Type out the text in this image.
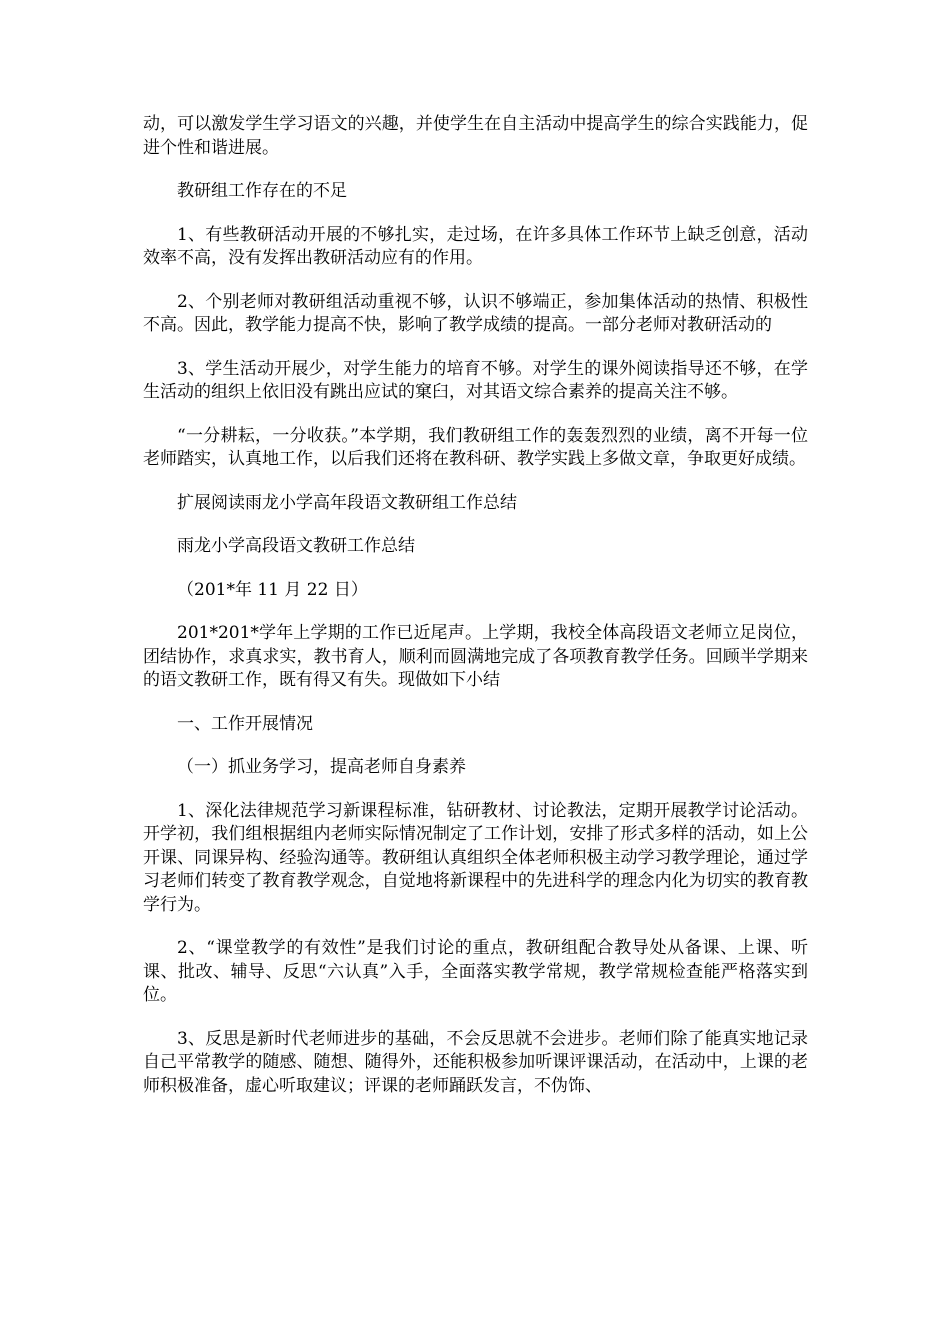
动，可以激发学生学习语文的兴趣，并使学生在自主活动中提高学生的综合实践能力，促进个性和谐进展。

教研组工作存在的不足

1、有些教研活动开展的不够扎实，走过场，在许多具体工作环节上缺乏创意，活动效率不高，没有发挥出教研活动应有的作用。

2、个别老师对教研组活动重视不够，认识不够端正，参加集体活动的热情、积极性不高。因此，教学能力提高不快，影响了教学成绩的提高。一部分老师对教研活动的

3、学生活动开展少，对学生能力的培育不够。对学生的课外阅读指导还不够，在学生活动的组织上依旧没有跳出应试的窠臼，对其语文综合素养的提高关注不够。

“一分耕耘，一分收获。”本学期，我们教研组工作的轰轰烈烈的业绩，离不开每一位老师踏实，认真地工作，以后我们还将在教科研、教学实践上多做文章，争取更好成绩。

扩展阅读雨龙小学高年段语文教研组工作总结

雨龙小学高段语文教研工作总结

（201*年 11 月 22 日）

201*201*学年上学期的工作已近尾声。上学期，我校全体高段语文老师立足岗位，团结协作，求真求实，教书育人，顺利而圆满地完成了各项教育教学任务。回顾半学期来的语文教研工作，既有得又有失。现做如下小结

一、工作开展情况

（一）抓业务学习，提高老师自身素养

1、深化法律规范学习新课程标准，钻研教材、讨论教法，定期开展教学讨论活动。开学初，我们组根据组内老师实际情况制定了工作计划，安排了形式多样的活动，如上公开课、同课异构、经验沟通等。教研组认真组织全体老师积极主动学习教学理论，通过学习老师们转变了教育教学观念，自觉地将新课程中的先进科学的理念内化为切实的教育教学行为。

2、“课堂教学的有效性”是我们讨论的重点，教研组配合教导处从备课、上课、听课、批改、辅导、反思“六认真”入手，全面落实教学常规，教学常规检查能严格落实到位。

3、反思是新时代老师进步的基础，不会反思就不会进步。老师们除了能真实地记录自己平常教学的随感、随想、随得外，还能积极参加听课评课活动，在活动中，上课的老师积极准备，虚心听取建议；评课的老师踊跃发言，不伪饰、
